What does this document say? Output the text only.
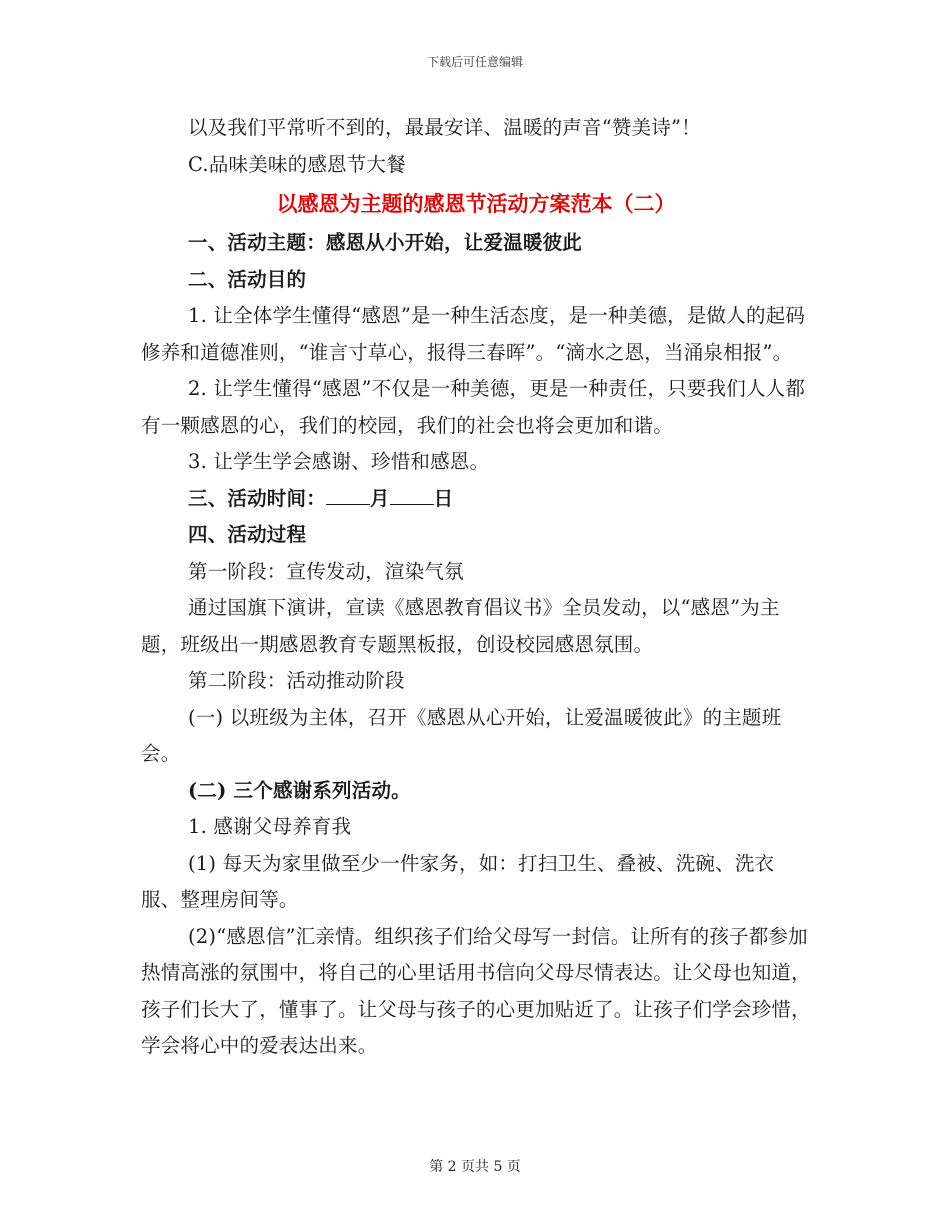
下载后可任意编辑

以及我们平常听不到的，最最安详、温暖的声音“赞美诗”！

C.品味美味的感恩节大餐

以感恩为主题的感恩节活动方案范本（二）

一、活动主题：感恩从小开始，让爱温暖彼此

二、活动目的

1. 让全体学生懂得“感恩”是一种生活态度，是一种美德，是做人的起码修养和道德准则，“谁言寸草心，报得三春晖”。“滴水之恩，当涌泉相报”。

2. 让学生懂得“感恩”不仅是一种美德，更是一种责任，只要我们人人都有一颗感恩的心，我们的校园，我们的社会也将会更加和谐。

3. 让学生学会感谢、珍惜和感恩。

三、活动时间： 月 日

四、活动过程

第一阶段：宣传发动，渲染气氛

通过国旗下演讲，宣读《感恩教育倡议书》全员发动，以“感恩”为主题，班级出一期感恩教育专题黑板报，创设校园感恩氛围。

第二阶段：活动推动阶段

(一) 以班级为主体，召开《感恩从心开始，让爱温暖彼此》的主题班会。

(二) 三个感谢系列活动。

1. 感谢父母养育我

(1) 每天为家里做至少一件家务，如：打扫卫生、叠被、洗碗、洗衣服、整理房间等。

(2)“感恩信”汇亲情。组织孩子们给父母写一封信。让所有的孩子都参加热情高涨的氛围中，将自己的心里话用书信向父母尽情表达。让父母也知道，孩子们长大了，懂事了。让父母与孩子的心更加贴近了。让孩子们学会珍惜，学会将心中的爱表达出来。

第 2 页共 5 页
